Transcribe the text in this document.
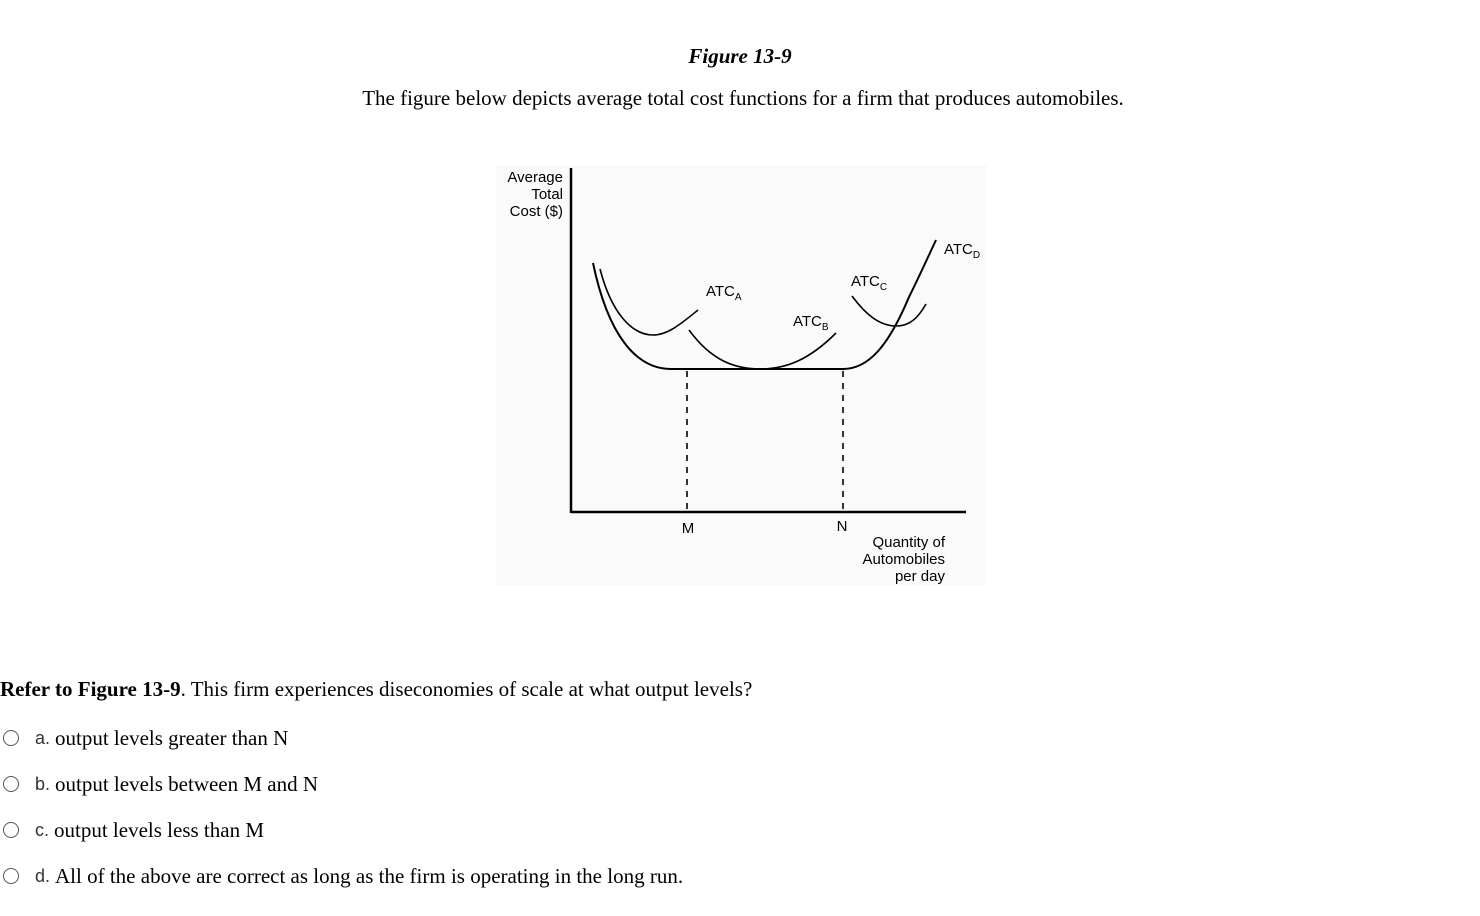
Figure 13-9
The figure below depicts average total cost functions for a firm that produces automobiles.
Average
Total
Cost ($)
$ATC_A$
$ATC_B$
$ATC_C$
$ATC_D$
M	N
Quantity of
Automobiles
per day
Refer to Figure 13-9. This firm experiences diseconomies of scale at what output levels?
a. output levels greater than N
b. output levels between M and N
c. output levels less than M
d. All of the above are correct as long as the firm is operating in the long run.
